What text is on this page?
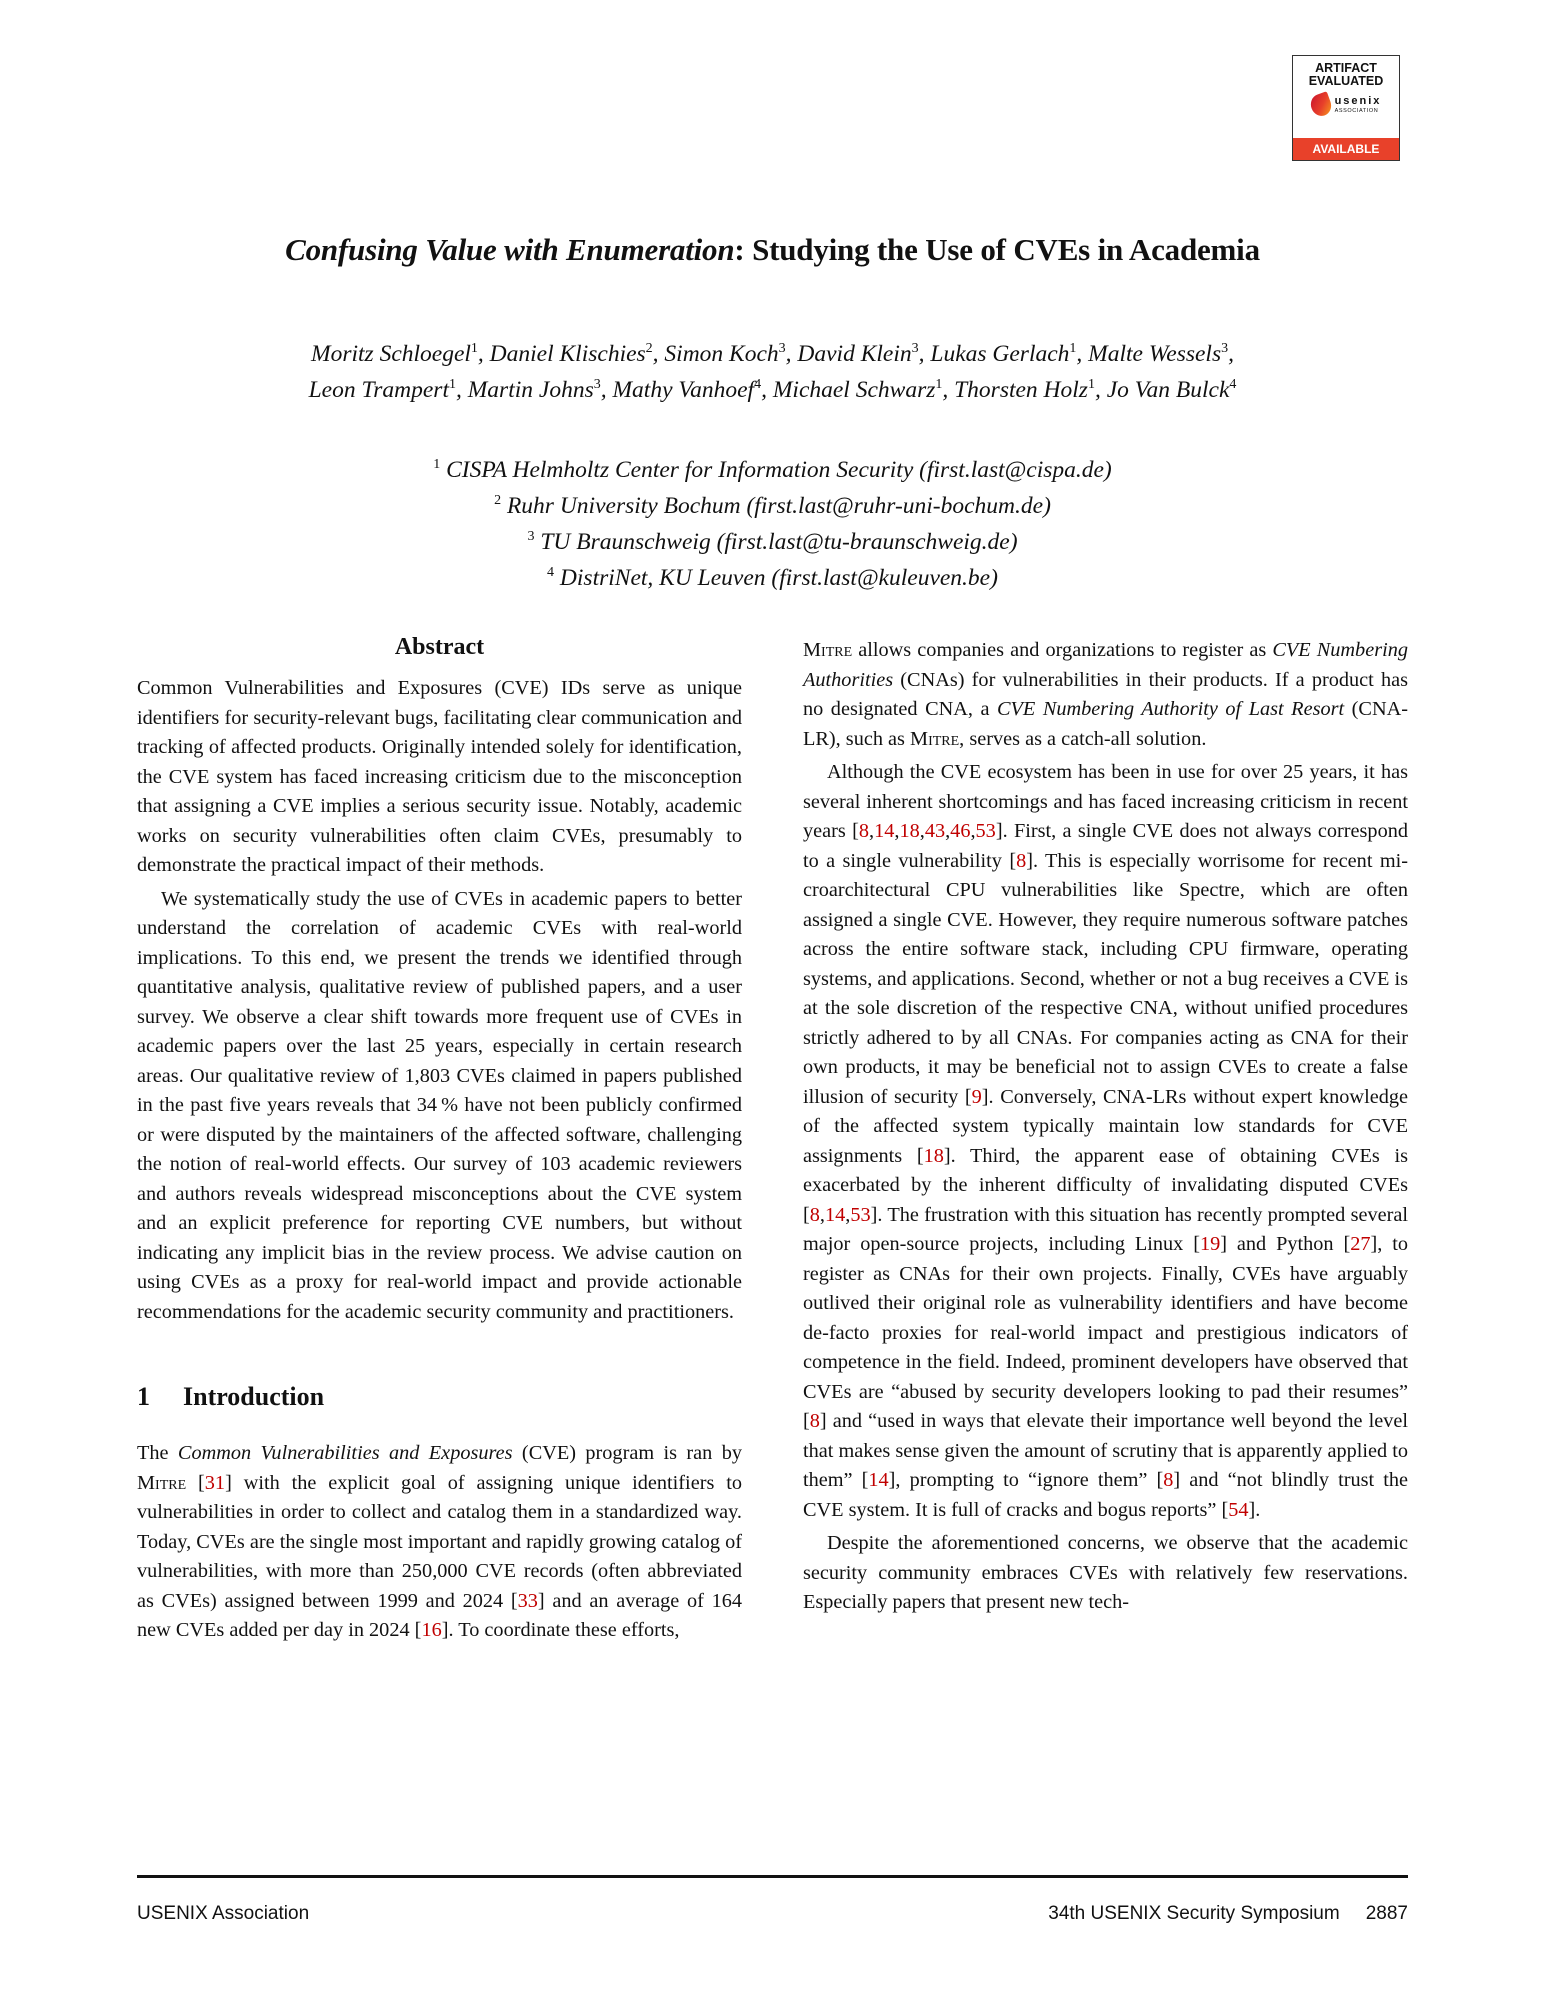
ARTIFACT
EVALUATED
usenix
ASSOCIATION
AVAILABLE
Confusing Value with Enumeration: Studying the Use of CVEs in Academia
Moritz Schloegel$^1$, Daniel Klischies$^2$, Simon Koch$^3$, David Klein$^3$, Lukas Gerlach$^1$, Malte Wessels$^3$,
Leon Trampert$^1$, Martin Johns$^3$, Mathy Vanhoef$^4$, Michael Schwarz$^1$, Thorsten Holz$^1$, Jo Van Bulck$^4$
$^1$ CISPA Helmholtz Center for Information Security (first.last@cispa.de)
$^2$ Ruhr University Bochum (first.last@ruhr-uni-bochum.de)
$^3$ TU Braunschweig (first.last@tu-braunschweig.de)
$^4$ DistriNet, KU Leuven (first.last@kuleuven.be)
Abstract

Common Vulnerabilities and Exposures (CVE) IDs serve as unique identifiers for security-relevant bugs, facilitating clear communication and tracking of affected products. Originally intended solely for identification, the CVE system has faced increasing criticism due to the misconception that assigning a CVE implies a serious security issue. Notably, academic works on security vulnerabilities often claim CVEs, presumably to demonstrate the practical impact of their methods.

We systematically study the use of CVEs in academic papers to better understand the correlation of academic CVEs with real-world implications. To this end, we present the trends we identified through quantitative analysis, qualitative review of published papers, and a user survey. We observe a clear shift towards more frequent use of CVEs in academic papers over the last 25 years, especially in certain research areas. Our qualitative review of 1,803 CVEs claimed in papers published in the past five years reveals that 34 % have not been publicly confirmed or were disputed by the maintainers of the affected software, challenging the notion of real-world effects. Our survey of 103 academic reviewers and authors reveals widespread misconceptions about the CVE system and an explicit preference for reporting CVE numbers, but without indicating any implicit bias in the review process. We advise caution on using CVEs as a proxy for real-world impact and provide actionable recommendations for the academic security community and practitioners.

1 Introduction

The Common Vulnerabilities and Exposures (CVE) program is ran by Mitre [31] with the explicit goal of assigning unique identifiers to vulnerabilities in order to collect and catalog them in a standardized way. Today, CVEs are the single most important and rapidly growing catalog of vulnerabilities, with more than 250,000 CVE records (often abbreviated as CVEs) assigned between 1999 and 2024 [33] and an average of 164 new CVEs added per day in 2024 [16]. To coordinate these efforts,

Mitre allows companies and organizations to register as CVE Numbering Authorities (CNAs) for vulnerabilities in their products. If a product has no designated CNA, a CVE Numbering Authority of Last Resort (CNA-LR), such as Mitre, serves as a catch-all solution.

Although the CVE ecosystem has been in use for over 25 years, it has several inherent shortcomings and has faced increasing criticism in recent years [8,14,18,43,46,53]. First, a single CVE does not always correspond to a single vulnerability [8]. This is especially worrisome for recent microarchitectural CPU vulnerabilities like Spectre, which are often assigned a single CVE. However, they require numerous software patches across the entire software stack, including CPU firmware, operating systems, and applications. Second, whether or not a bug receives a CVE is at the sole discretion of the respective CNA, without unified procedures strictly adhered to by all CNAs. For companies acting as CNA for their own products, it may be beneficial not to assign CVEs to create a false illusion of security [9]. Conversely, CNA-LRs without expert knowledge of the affected system typically maintain low standards for CVE assignments [18]. Third, the apparent ease of obtaining CVEs is exacerbated by the inherent difficulty of invalidating disputed CVEs [8,14,53]. The frustration with this situation has recently prompted several major open-source projects, including Linux [19] and Python [27], to register as CNAs for their own projects. Finally, CVEs have arguably outlived their original role as vulnerability identifiers and have become de-facto proxies for real-world impact and prestigious indicators of competence in the field. Indeed, prominent developers have observed that CVEs are “abused by security developers looking to pad their resumes” [8] and “used in ways that elevate their importance well beyond the level that makes sense given the amount of scrutiny that is apparently applied to them” [14], prompting to “ignore them” [8] and “not blindly trust the CVE system. It is full of cracks and bogus reports” [54].

Despite the aforementioned concerns, we observe that the academic security community embraces CVEs with relatively few reservations. Especially papers that present new tech-

USENIX Association	34th USENIX Security Symposium 2887
